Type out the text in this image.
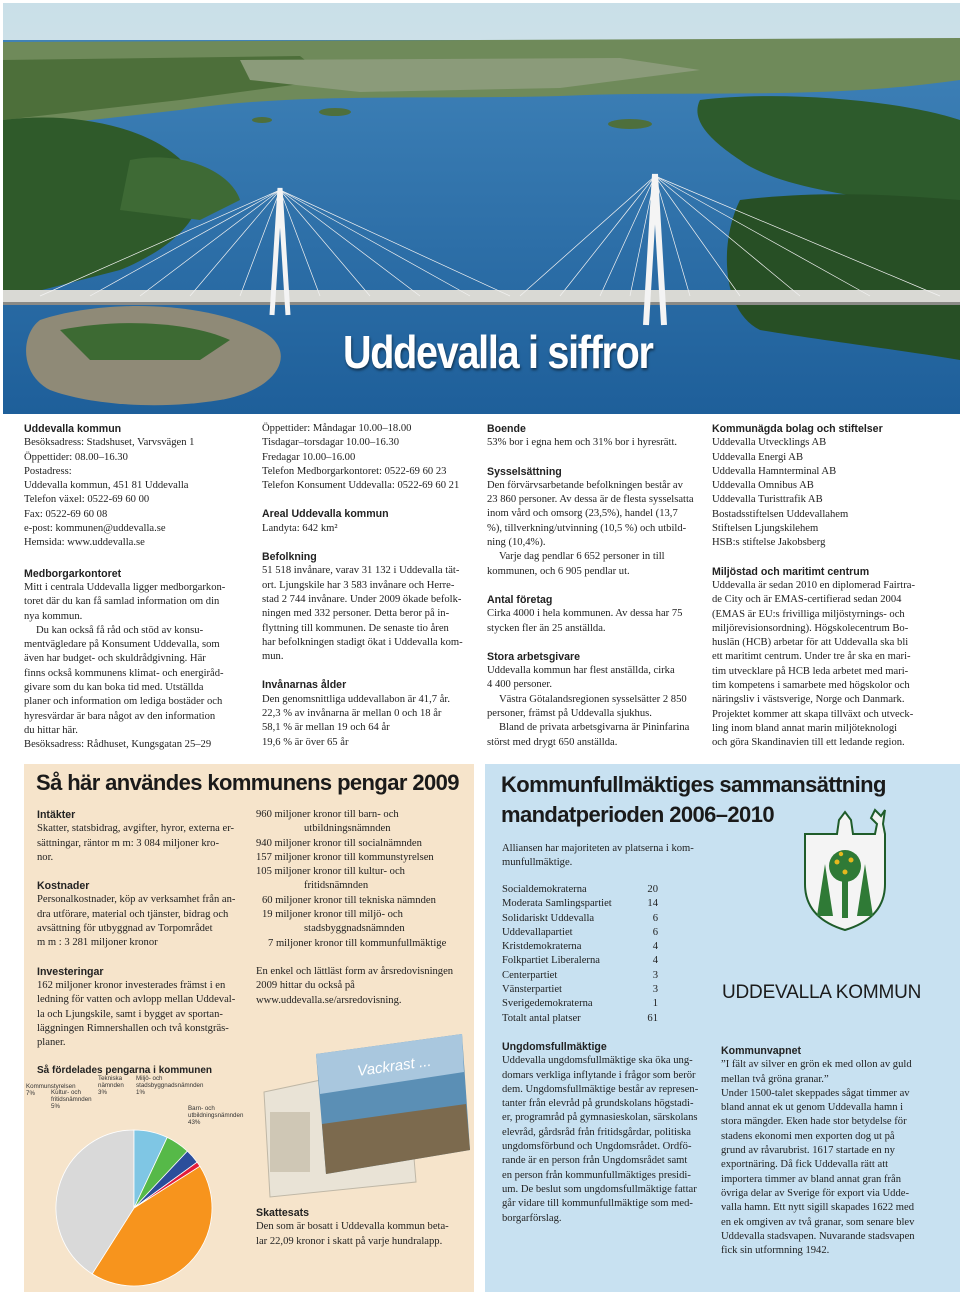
Uddevalla i siffror

Uddevalla kommun

Besöksadress: Stadshuset, Varvsvägen 1

Öppettider: 08.00–16.30

Postadress:

Uddevalla kommun, 451 81 Uddevalla

Telefon växel: 0522-69 60 00

Fax: 0522-69 60 08

e-post: kommunen@uddevalla.se

Hemsida: www.uddevalla.se

Medborgarkontoret

Mitt i centrala Uddevalla ligger medborgarkon-

toret där du kan få samlad information om din

nya kommun.

Du kan också få råd och stöd av konsu-

mentvägledare på Konsument Uddevalla, som

även har budget- och skuldrådgivning. Här

finns också kommunens klimat- och energiråd-

givare som du kan boka tid med. Utställda

planer och information om lediga bostäder och

hyresvärdar är bara något av den information

du hittar här.

Besöksadress: Rådhuset, Kungsgatan 25–29

Öppettider: Måndagar 10.00–18.00

Tisdagar–torsdagar 10.00–16.30

Fredagar 10.00–16.00

Telefon Medborgarkontoret: 0522-69 60 23

Telefon Konsument Uddevalla: 0522-69 60 21

Areal Uddevalla kommun

Landyta: 642 km²

Befolkning

51 518 invånare, varav 31 132 i Uddevalla tät-

ort. Ljungskile har 3 583 invånare och Herre-

stad 2 744 invånare. Under 2009 ökade befolk-

ningen med 332 personer. Detta beror på in-

flyttning till kommunen. De senaste tio åren

har befolkningen stadigt ökat i Uddevalla kom-

mun.

Invånarnas ålder

Den genomsnittliga uddevallabon är 41,7 år.

22,3 % av invånarna är mellan 0 och 18 år

58,1 % är mellan 19 och 64 år

19,6 % är över 65 år

Boende

53% bor i egna hem och 31% bor i hyresrätt.

Sysselsättning

Den förvärvsarbetande befolkningen består av

23 860 personer. Av dessa är de flesta sysselsatta

inom vård och omsorg (23,5%), handel (13,7

%), tillverkning/utvinning (10,5 %) och utbild-

ning (10,4%).

Varje dag pendlar 6 652 personer in till

kommunen, och 6 905 pendlar ut.

Antal företag

Cirka 4000 i hela kommunen. Av dessa har 75

stycken fler än 25 anställda.

Stora arbetsgivare

Uddevalla kommun har flest anställda, cirka

4 400 personer.

Västra Götalandsregionen sysselsätter 2 850

personer, främst på Uddevalla sjukhus.

Bland de privata arbetsgivarna är Pininfarina

störst med drygt 650 anställda.

Kommunägda bolag och stiftelser

Uddevalla Utvecklings AB

Uddevalla Energi AB

Uddevalla Hamnterminal AB

Uddevalla Omnibus AB

Uddevalla Turisttrafik AB

Bostadsstiftelsen Uddevallahem

Stiftelsen Ljungskilehem

HSB:s stiftelse Jakobsberg

Miljöstad och maritimt centrum

Uddevalla är sedan 2010 en diplomerad Fairtra-

de City och är EMAS-certifierad sedan 2004

(EMAS är EU:s frivilliga miljöstyrnings- och

miljörevisionsordning). Högskolecentrum Bo-

huslän (HCB) arbetar för att Uddevalla ska bli

ett maritimt centrum. Under tre år ska en mari-

tim utvecklare på HCB leda arbetet med mari-

tim kompetens i samarbete med högskolor och

näringsliv i västsverige, Norge och Danmark.

Projektet kommer att skapa tillväxt och utveck-

ling inom bland annat marin miljöteknologi

och göra Skandinavien till ett ledande region.

Så här användes kommunens pengar 2009

Intäkter

Skatter, statsbidrag, avgifter, hyror, externa er-

sättningar, räntor m m: 3 084 miljoner kro-

nor.

Kostnader

Personalkostnader, köp av verksamhet från an-

dra utförare, material och tjänster, bidrag och

avsättning för utbyggnad av Torpområdet

m m : 3 281 miljoner kronor

Investeringar

162 miljoner kronor investerades främst i en

ledning för vatten och avlopp mellan Uddeval-

la och Ljungskile, samt i bygget av sportan-

läggningen Rimnershallen och två konstgräs-

planer.

Så fördelades pengarna i kommunen

Barn- och utbildningsnämnden 43%
Kommunstyrelsen 7%	Kultur- och fritidsnämnden 5%
Tekniska nämnden 3%
Miljö- och stadsbyggnadsnämnden 1%

960 miljoner kronor till barn- och

utbildningsnämnden

940 miljoner kronor till socialnämnden

157 miljoner kronor till kommunstyrelsen

105 miljoner kronor till kultur- och

fritidsnämnden

60 miljoner kronor till tekniska nämnden

19 miljoner kronor till miljö- och

stadsbyggnadsnämnden

7 miljoner kronor till kommunfullmäktige

En enkel och lättläst form av årsredovisningen

2009 hittar du också på

www.uddevalla.se/arsredovisning.

Vackrast ...

Skattesats

Den som är bosatt i Uddevalla kommun beta-

lar 22,09 kronor i skatt på varje hundralapp.

Kommunfullmäktiges sammansättning
mandatperioden 2006–2010

Alliansen har majoriteten av platserna i kom-

munfullmäktige.

Socialdemokraterna	20
Moderata Samlingspartiet	14
Solidariskt Uddevalla	6
Uddevallapartiet	6
Kristdemokraterna	4
Folkpartiet Liberalerna	4
Centerpartiet	3
Vänsterpartiet	3
Sverigedemokraterna	1
Totalt antal platser	61
UDDEVALLA KOMMUN

Ungdomsfullmäktige

Uddevalla ungdomsfullmäktige ska öka ung-

domars verkliga inflytande i frågor som berör

dem. Ungdomsfullmäktige består av represen-

tanter från elevråd på grundskolans högstadi-

er, programråd på gymnasieskolan, särskolans

elevråd, gårdsråd från fritidsgårdar, politiska

ungdomsförbund och Ungdomsrådet. Ordfö-

rande är en person från Ungdomsrådet samt

en person från kommunfullmäktiges presidi-

um. De beslut som ungdomsfullmäktige fattar

går vidare till kommunfullmäktige som med-

borgarförslag.

Kommunvapnet

”I fält av silver en grön ek med ollon av guld

mellan två gröna granar.”

Under 1500-talet skeppades sågat timmer av

bland annat ek ut genom Uddevalla hamn i

stora mängder. Eken hade stor betydelse för

stadens ekonomi men exporten dog ut på

grund av råvarubrist. 1617 startade en ny

exportnäring. Då fick Uddevalla rätt att

importera timmer av bland annat gran från

övriga delar av Sverige för export via Udde-

valla hamn. Ett nytt sigill skapades 1622 med

en ek omgiven av två granar, som senare blev

Uddevalla stadsvapen. Nuvarande stadsvapen

fick sin utformning 1942.
